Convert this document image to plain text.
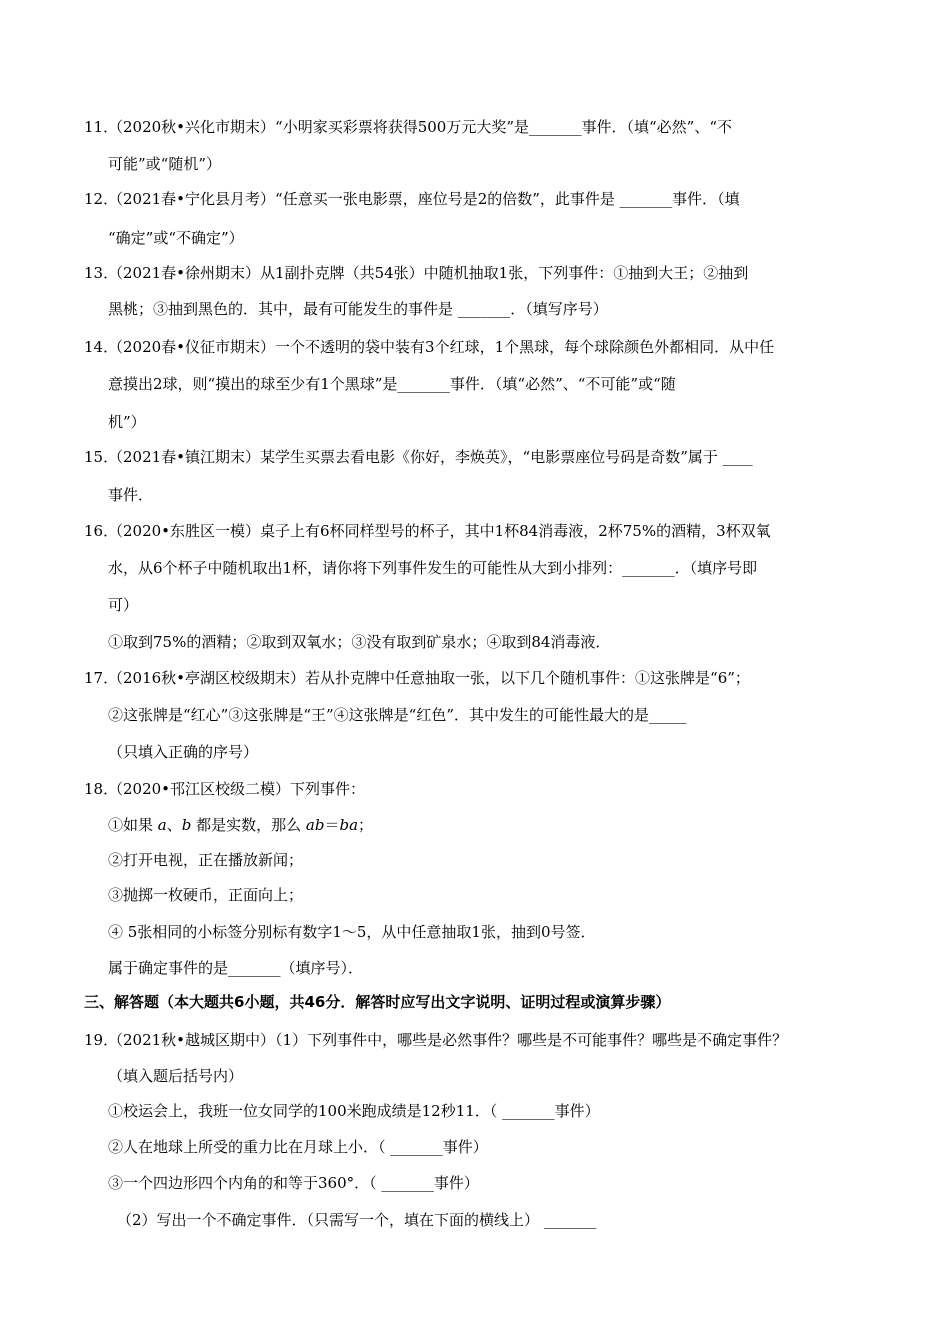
11．
（2020秋•兴化市期末）“小明家买彩票将获得500万元大奖”是_______事件．（填“必然”、“不
可能”或“随机”）
12．
（2021春•宁化县月考）“任意买一张电影票，座位号是2的倍数”，此事件是 _______事件．（填
“确定”或“不确定”）
13．
（2021春•徐州期末）从1副扑克牌（共54张）中随机抽取1张，下列事件：①抽到大王；②抽到
黑桃；③抽到黑色的．其中，最有可能发生的事件是 _______．（填写序号）
14．
（2020春•仪征市期末）一个不透明的袋中装有3个红球，1个黑球，每个球除颜色外都相同．从中任
意摸出2球，则“摸出的球至少有1个黑球”是_______事件．（填“必然”、“不可能”或“随
机”）
15．
（2021春•镇江期末）某学生买票去看电影《你好，李焕英》，“电影票座位号码是奇数”属于 ____
事件．
16．
（2020•东胜区一模）桌子上有6杯同样型号的杯子，其中1杯84消毒液，2杯75%的酒精，3杯双氧
水，从6个杯子中随机取出1杯，请你将下列事件发生的可能性从大到小排列：_______．（填序号即
可）
①取到75%的酒精；②取到双氧水；③没有取到矿泉水；④取到84消毒液．
17．
（2016秋•亭湖区校级期末）若从扑克牌中任意抽取一张，以下几个随机事件：①这张牌是“6”；
②这张牌是“红心”③这张牌是“王”④这张牌是“红色”．其中发生的可能性最大的是_____
（只填入正确的序号）
18．
（2020•邗江区校级二模）下列事件：
①如果 a、b 都是实数，那么 ab＝ba；
②打开电视，正在播放新闻；
③抛掷一枚硬币，正面向上；
④ 5张相同的小标签分别标有数字1～5，从中任意抽取1张，抽到0号签．
属于确定事件的是_______（填序号）．
三、解答题（本大题共6小题，共46分．解答时应写出文字说明、证明过程或演算步骤）
19．
（2021秋•越城区期中）（1）下列事件中，哪些是必然事件？哪些是不可能事件？哪些是不确定事件？
（填入题后括号内）
①校运会上，我班一位女同学的100米跑成绩是12秒11．（ _______事件）
②人在地球上所受的重力比在月球上小．（ _______事件）
③一个四边形四个内角的和等于360°．（ _______事件）
（2）写出一个不确定事件．（只需写一个，填在下面的横线上） _______
